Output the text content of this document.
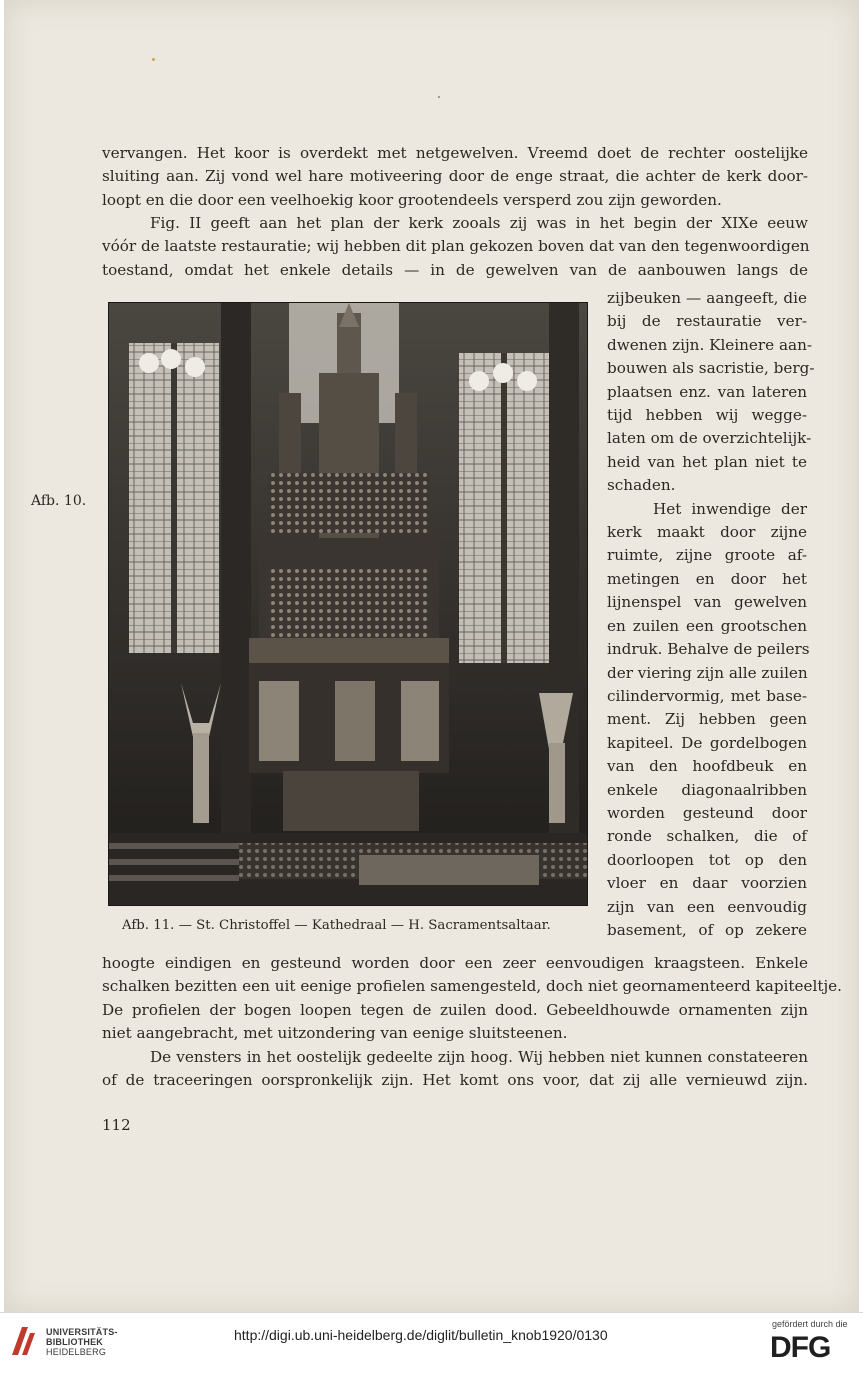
vervangen. Het koor is overdekt met netgewelven. Vreemd doet de rechter oostelijke
sluiting aan. Zij vond wel hare motiveering door de enge straat, die achter de kerk door-
loopt en die door een veelhoekig koor grootendeels versperd zou zijn geworden.
Fig. II geeft aan het plan der kerk zooals zij was in het begin der XIXe eeuw
vóór de laatste restauratie; wij hebben dit plan gekozen boven dat van den tegenwoordigen
toestand, omdat het enkele details — in de gewelven van de aanbouwen langs de
zijbeuken — aangeeft, die
bij de restauratie ver-
dwenen zijn. Kleinere aan-
bouwen als sacristie, berg-
plaatsen enz. van lateren
tijd hebben wij wegge-
laten om de overzichtelijk-
heid van het plan niet te
schaden.
Het inwendige der
kerk maakt door zijne
ruimte, zijne groote af-
metingen en door het
lijnenspel van gewelven
en zuilen een grootschen
indruk. Behalve de peilers
der viering zijn alle zuilen
cilindervormig, met base-
ment. Zij hebben geen
kapiteel. De gordelbogen
van den hoofdbeuk en
enkele diagonaalribben
worden gesteund door
ronde schalken, die of
doorloopen tot op den
vloer en daar voorzien
zijn van een eenvoudig
basement, of op zekere
Afb. 10.
Afb. 11. — St. Christoffel — Kathedraal — H. Sacramentsaltaar.
hoogte eindigen en gesteund worden door een zeer eenvoudigen kraagsteen. Enkele
schalken bezitten een uit eenige profielen samengesteld, doch niet geornamenteerd kapiteeltje.
De profielen der bogen loopen tegen de zuilen dood. Gebeeldhouwde ornamenten zijn
niet aangebracht, met uitzondering van eenige sluitsteenen.
De vensters in het oostelijk gedeelte zijn hoog. Wij hebben niet kunnen constateeren
of de traceeringen oorspronkelijk zijn. Het komt ons voor, dat zij alle vernieuwd zijn.
112
UNIVERSITÄTS-
BIBLIOTHEK
HEIDELBERG
http://digi.ub.uni-heidelberg.de/diglit/bulletin_knob1920/0130
gefördert durch die
DFG
